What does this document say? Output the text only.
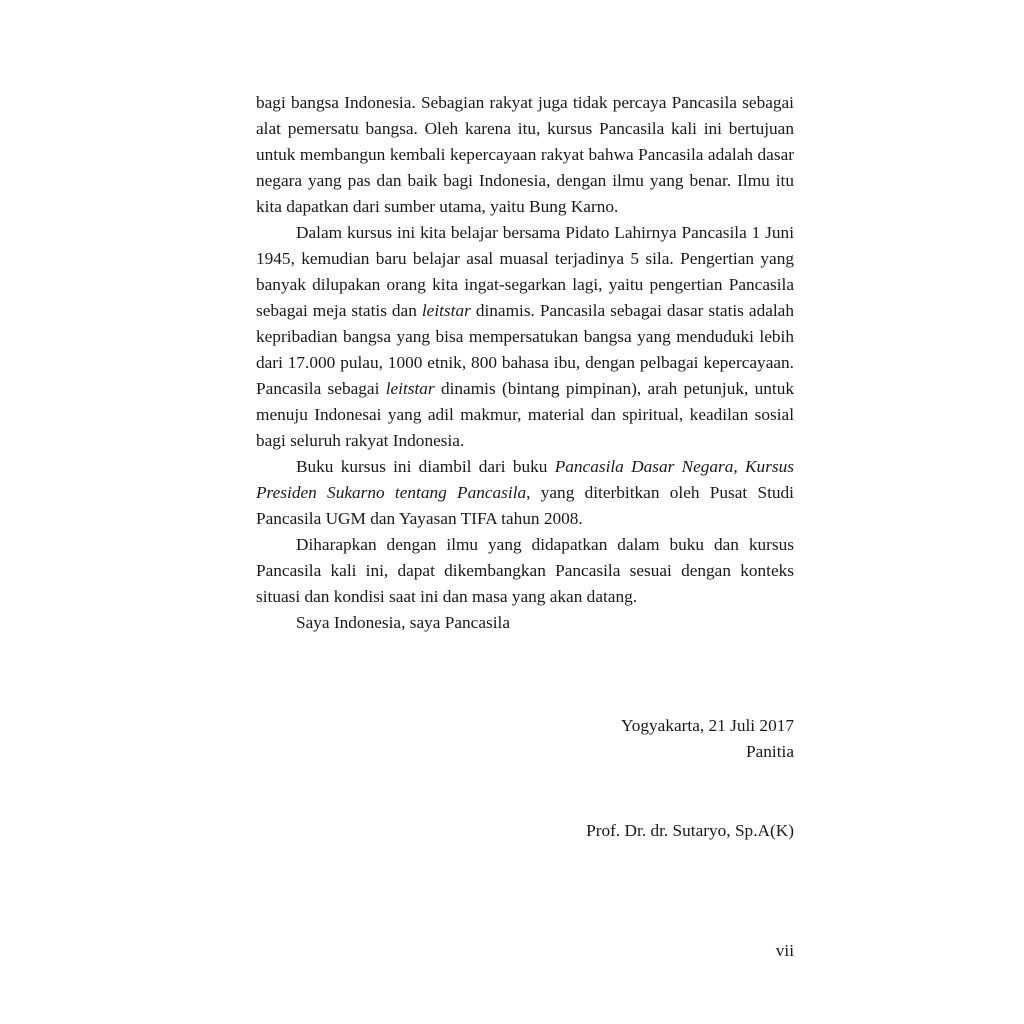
bagi bangsa Indonesia. Sebagian rakyat juga tidak percaya Pancasila sebagai alat pemersatu bangsa. Oleh karena itu, kursus Pancasila kali ini bertujuan untuk membangun kembali kepercayaan rakyat bahwa Pancasila adalah dasar negara yang pas dan baik bagi Indonesia, dengan ilmu yang benar. Ilmu itu kita dapatkan dari sumber utama, yaitu Bung Karno.

Dalam kursus ini kita belajar bersama Pidato Lahirnya Pancasila 1 Juni 1945, kemudian baru belajar asal muasal terjadinya 5 sila. Pengertian yang banyak dilupakan orang kita ingat-segarkan lagi, yaitu pengertian Pancasila sebagai meja statis dan leitstar dinamis. Pancasila sebagai dasar statis adalah kepribadian bangsa yang bisa mempersatukan bangsa yang menduduki lebih dari 17.000 pulau, 1000 etnik, 800 bahasa ibu, dengan pelbagai kepercayaan. Pancasila sebagai leitstar dinamis (bintang pimpinan), arah petunjuk, untuk menuju Indonesai yang adil makmur, material dan spiritual, keadilan sosial bagi seluruh rakyat Indonesia.

Buku kursus ini diambil dari buku Pancasila Dasar Negara, Kursus Presiden Sukarno tentang Pancasila, yang diterbitkan oleh Pusat Studi Pancasila UGM dan Yayasan TIFA tahun 2008.

Diharapkan dengan ilmu yang didapatkan dalam buku dan kursus Pancasila kali ini, dapat dikembangkan Pancasila sesuai dengan konteks situasi dan kondisi saat ini dan masa yang akan datang.

Saya Indonesia, saya Pancasila

Yogyakarta, 21 Juli 2017
Panitia
Prof. Dr. dr. Sutaryo, Sp.A(K)
vii
